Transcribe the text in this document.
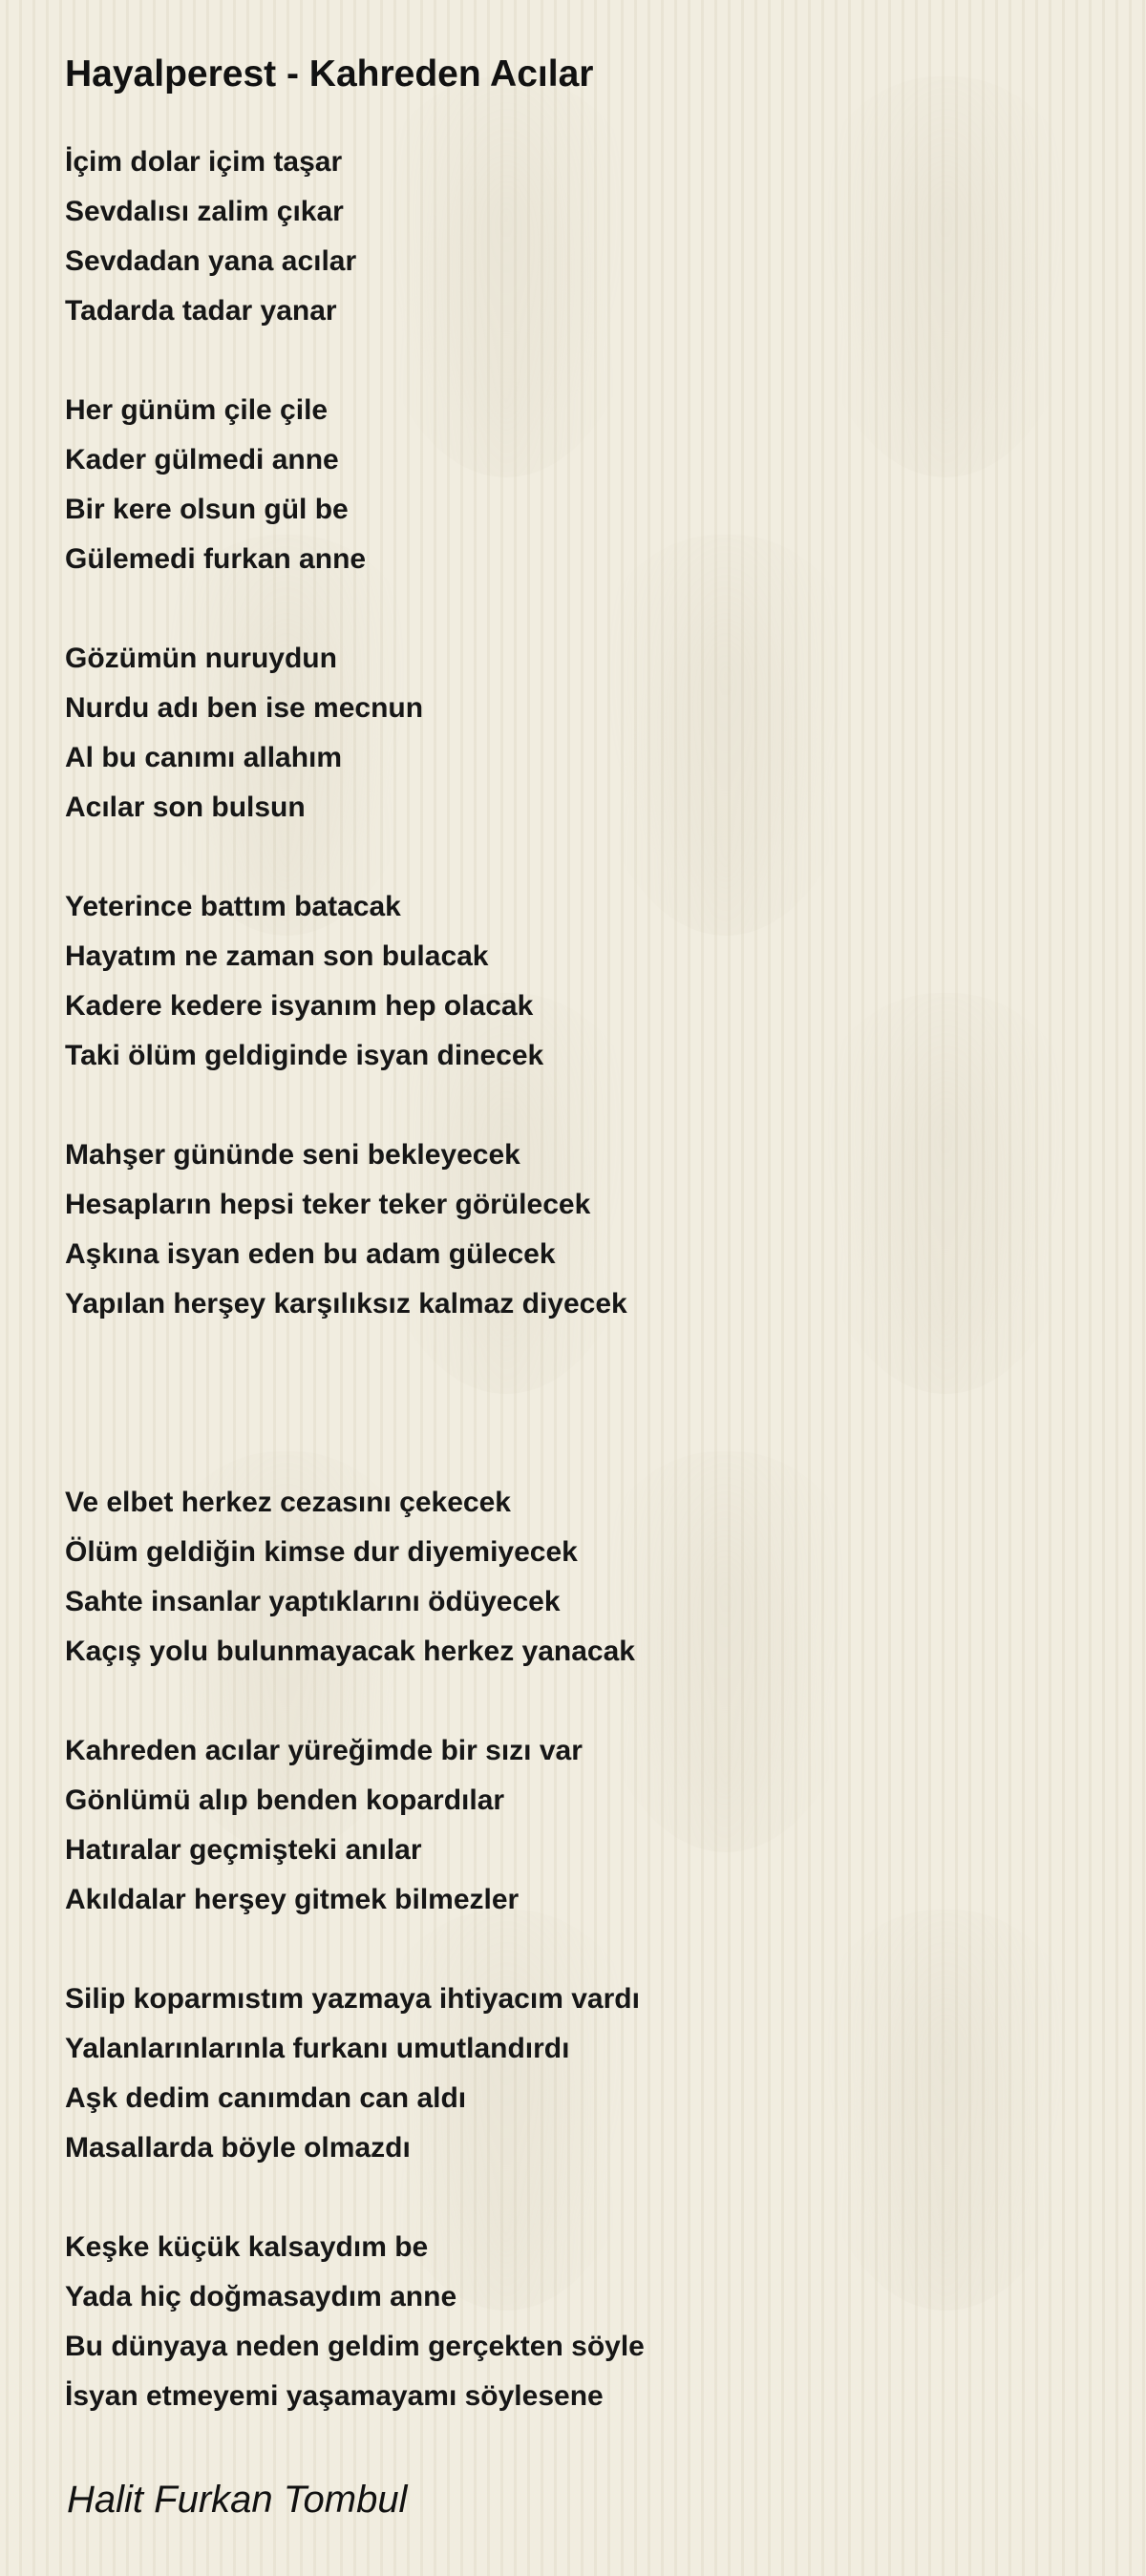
Hayalperest - Kahreden Acılar
İçim dolar içim taşar
Sevdalısı zalim çıkar
Sevdadan yana acılar
Tadarda tadar yanar
Her günüm çile çile
Kader gülmedi anne
Bir kere olsun gül be
Gülemedi furkan anne
Gözümün nuruydun
Nurdu adı ben ise mecnun
Al bu canımı allahım
Acılar son bulsun
Yeterince battım batacak
Hayatım ne zaman son bulacak
Kadere kedere isyanım hep olacak
Taki ölüm geldiginde isyan dinecek
Mahşer gününde seni bekleyecek
Hesapların hepsi teker teker görülecek
Aşkına isyan eden bu adam gülecek
Yapılan herşey karşılıksız kalmaz diyecek
Ve elbet herkez cezasını çekecek
Ölüm geldiğin kimse dur diyemiyecek
Sahte insanlar yaptıklarını ödüyecek
Kaçış yolu bulunmayacak herkez yanacak
Kahreden acılar yüreğimde bir sızı var
Gönlümü alıp benden kopardılar
Hatıralar geçmişteki anılar
Akıldalar herşey gitmek bilmezler
Silip koparmıstım yazmaya ihtiyacım vardı
Yalanlarınlarınla furkanı umutlandırdı
Aşk dedim canımdan can aldı
Masallarda böyle olmazdı
Keşke küçük kalsaydım be
Yada hiç doğmasaydım anne
Bu dünyaya neden geldim gerçekten söyle
İsyan etmeyemi yaşamayamı söylesene
Halit Furkan Tombul
